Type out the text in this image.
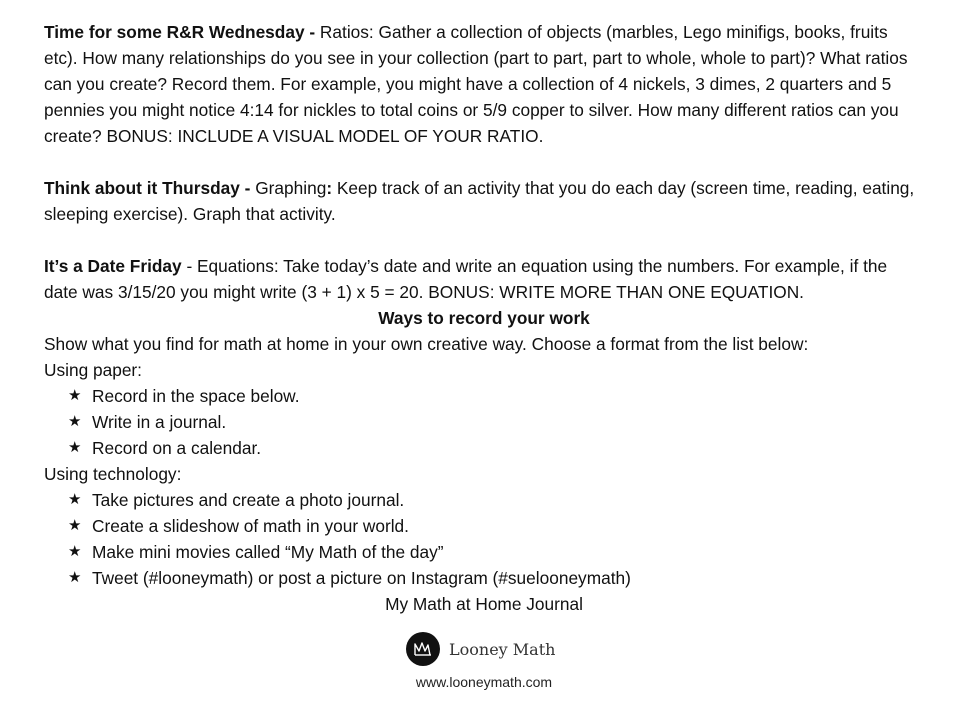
Time for some R&R Wednesday - Ratios: Gather a collection of objects (marbles, Lego minifigs, books, fruits etc). How many relationships do you see in your collection (part to part, part to whole, whole to part)? What ratios can you create? Record them. For example, you might have a collection of 4 nickels, 3 dimes, 2 quarters and 5 pennies you might notice 4:14 for nickles to total coins or 5/9 copper to silver. How many different ratios can you create? BONUS: INCLUDE A VISUAL MODEL OF YOUR RATIO.

Think about it Thursday - Graphing: Keep track of an activity that you do each day (screen time, reading, eating, sleeping exercise). Graph that activity.

It’s a Date Friday - Equations: Take today’s date and write an equation using the numbers. For example, if the date was 3/15/20 you might write (3 + 1) x 5 = 20. BONUS: WRITE MORE THAN ONE EQUATION.

Ways to record your work
Show what you find for math at home in your own creative way. Choose a format from the list below:
Using paper:
★ Record in the space below.
★ Write in a journal.
★ Record on a calendar.
Using technology:
★ Take pictures and create a photo journal.
★ Create a slideshow of math in your world.
★ Make mini movies called “My Math of the day”
★ Tweet (#looneymath) or post a picture on Instagram (#suelooneymath)
My Math at Home Journal
Looney Math
www.looneymath.com
